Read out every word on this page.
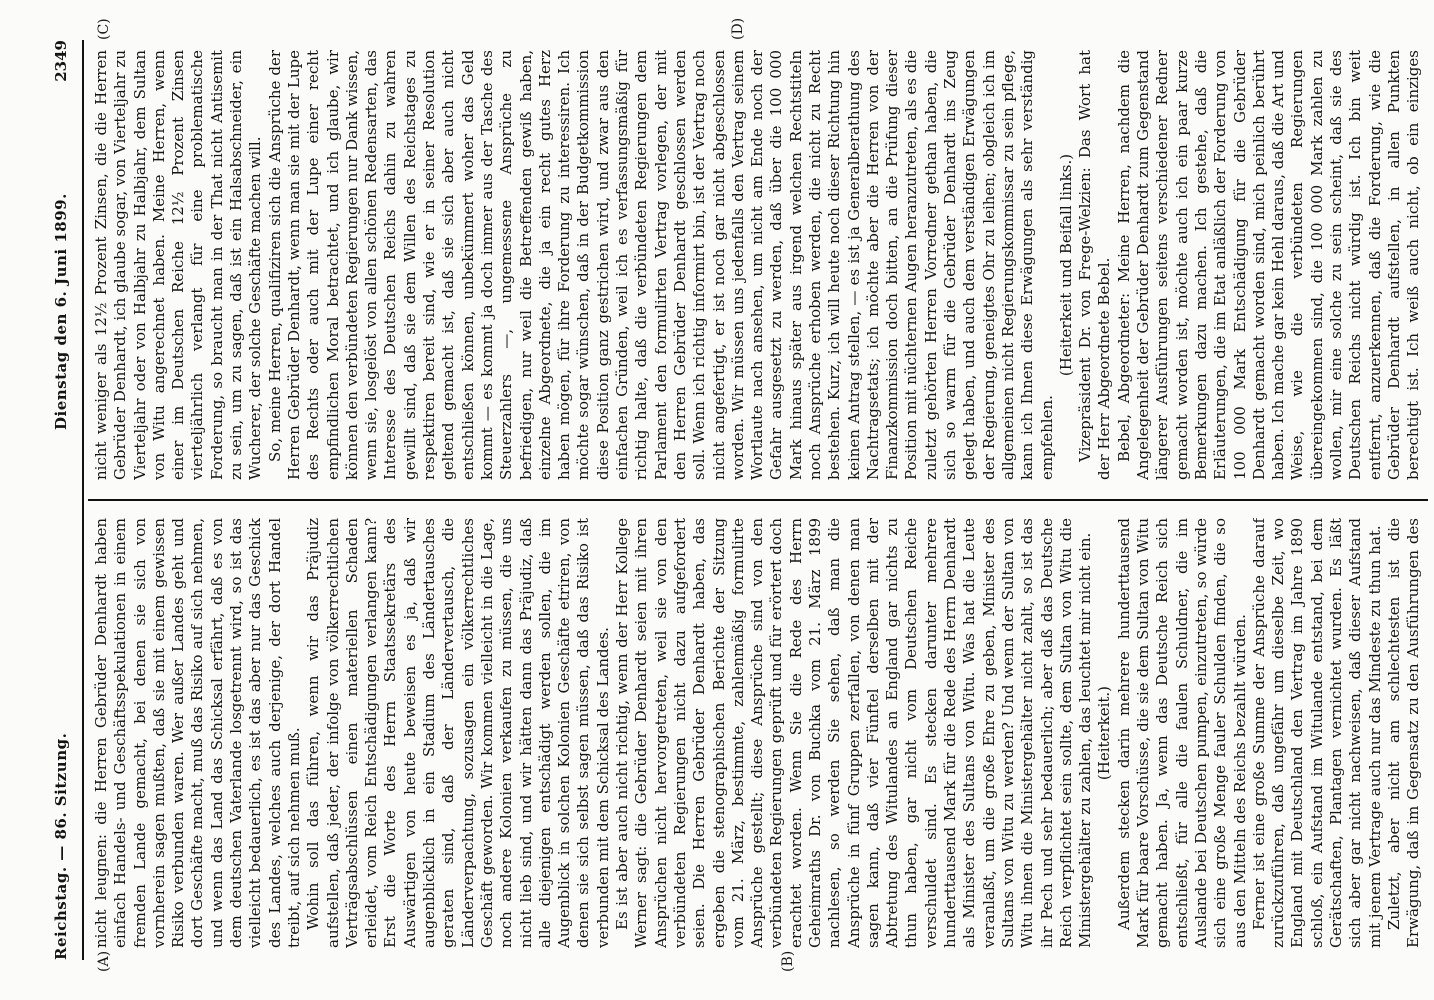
Reichstag. — 86. Sitzung.
Dienstag den 6. Juni 1899.
2349
(A)	(B)
(C)	(D)

nicht leugnen: die Herren Gebrüder Denhardt haben einfach Handels- und Geschäftsspekulationen in einem fremden Lande gemacht, bei denen sie sich von vornherein sagen mußten, daß sie mit einem gewissen Risiko verbunden waren. Wer außer Landes geht und dort Geschäfte macht, muß das Risiko auf sich nehmen, und wenn das Land das Schicksal erfährt, daß es von dem deutschen Vaterlande losgetrennt wird, so ist das vielleicht bedauerlich, es ist das aber nur das Geschick des Landes, welches auch derjenige, der dort Handel treibt, auf sich nehmen muß. Wohin soll das führen, wenn wir das Präjudiz aufstellen, daß jeder, der infolge von völkerrechtlichen Verträgsabschlüssen einen materiellen Schaden erleidet, vom Reich Entschädigungen verlangen kann? Erst die Worte des Herrn Staatssekretärs des Auswärtigen von heute beweisen es ja, daß wir augenblicklich in ein Stadium des Ländertausches geraten sind, daß der Ländervertausch, die Länderverpachtung, sozusagen ein völkerrechtliches Geschäft geworden. Wir kommen vielleicht in die Lage, noch andere Kolonien verkaufen zu müssen, die uns nicht lieb sind, und wir hätten dann das Präjudiz, daß alle diejenigen entschädigt werden sollen, die im Augenblick in solchen Kolonien Geschäfte etriren, von denen sie sich selbst sagen müssen, daß das Risiko ist verbunden mit dem Schicksal des Landes. Es ist aber auch nicht richtig, wenn der Herr Kollege Werner sagt: die Gebrüder Denhardt seien mit ihren Ansprüchen nicht hervorgetreten, weil sie von den verbündeten Regierungen nicht dazu aufgefordert seien. Die Herren Gebrüder Denhardt haben, das ergeben die stenographischen Berichte der Sitzung vom 21. März, bestimmte, zahlenmäßig formulirte Ansprüche gestellt; diese Ansprüche sind von den verbündeten Regierungen geprüft und für erörtert doch erachtet worden. Wenn Sie die Rede des Herrn Geheimraths Dr. von Buchka vom 21. März 1899 nachlesen, so werden Sie sehen, daß man die Ansprüche in fünf Gruppen zerfallen, von denen man sagen kann, daß vier Fünftel derselben mit der Abtretung des Witulandes an England gar nichts zu thun haben, gar nicht vom Deutschen Reiche verschuldet sind. Es stecken darunter mehrere hunderttausend Mark für die Rede des Herrn Denhardt als Minister des Sultans von Witu. Was hat die Leute veranlaßt, um die große Ehre zu geben, Minister des Sultans von Witu zu werden? Und wenn der Sultan von Witu ihnen die Ministergehälter nicht zahlt, so ist das ihr Pech und sehr bedauerlich; aber daß das Deutsche Reich verpflichtet sein sollte, dem Sultan von Witu die Ministergehälter zu zahlen, das leuchtet mir nicht ein. (Heiterkeit.) Außerdem stecken darin mehrere hunderttausend Mark für baare Vorschüsse, die sie dem Sultan von Witu gemacht haben. Ja, wenn das Deutsche Reich sich entschließt, für alle die faulen Schuldner, die im Auslande bei Deutschen pumpen, einzutreten, so würde sich eine große Menge fauler Schulden finden, die so aus den Mitteln des Reichs bezahlt würden. Ferner ist eine große Summe der Ansprüche darauf zurückzuführen, daß ungefähr um dieselbe Zeit, wo England mit Deutschland den Vertrag im Jahre 1890 schloß, ein Aufstand im Witulande entstand, bei dem Gerätschaften, Plantagen vernichtet wurden. Es läßt sich aber gar nicht nachweisen, daß dieser Aufstand mit jenem Vertrage auch nur das Mindeste zu thun hat. Zuletzt, aber nicht am schlechtesten ist die Erwägung, daß im Gegensatz zu den Ausführungen des

nicht weniger als 12½ Prozent Zinsen, die die Herren Gebrüder Denhardt, ich glaube sogar, von Vierteljahr zu Vierteljahr oder von Halbjahr zu Halbjahr, dem Sultan von Witu angerechnet haben. Meine Herren, wenn einer im Deutschen Reiche 12½ Prozent Zinsen vierteljährlich verlangt für eine problematische Forderung, so braucht man in der That nicht Antisemit zu sein, um zu sagen, daß ist ein Halsabschneider, ein Wucherer, der solche Geschäfte machen will. So, meine Herren, qualifiziren sich die Ansprüche der Herren Gebrüder Denhardt, wenn man sie mit der Lupe des Rechts oder auch mit der Lupe einer recht empfindlichen Moral betrachtet, und ich glaube, wir können den verbündeten Regierungen nur Dank wissen, wenn sie, losgelöst von allen schönen Redensarten, das Interesse des Deutschen Reichs dahin zu wahren gewillt sind, daß sie dem Willen des Reichstages zu respektiren bereit sind, wie er in seiner Resolution geltend gemacht ist, daß sie sich aber auch nicht entschließen können, unbekümmert woher das Geld kommt — es kommt ja doch immer aus der Tasche des Steuerzahlers —, ungemessene Ansprüche zu befriedigen, nur weil die Betreffenden gewiß haben, einzelne Abgeordnete, die ja ein recht gutes Herz haben mögen, für ihre Forderung zu interessiren. Ich möchte sogar wünschen, daß in der Budgetkommission diese Position ganz gestrichen wird, und zwar aus den einfachen Gründen, weil ich es verfassungsmäßig für richtig halte, daß die verbündeten Regierungen dem Parlament den formulirten Vertrag vorlegen, der mit den Herren Gebrüder Denhardt geschlossen werden soll. Wenn ich richtig informirt bin, ist der Vertrag noch nicht angefertigt, er ist noch gar nicht abgeschlossen worden. Wir müssen uns jedenfalls den Vertrag seinem Wortlaute nach ansehen, um nicht am Ende noch der Gefahr ausgesetzt zu werden, daß über die 100 000 Mark hinaus später aus irgend welchen Rechtstiteln noch Ansprüche erhoben werden, die nicht zu Recht bestehen. Kurz, ich will heute noch dieser Richtung hin keinen Antrag stellen, — es ist ja Generalberathung des Nachtragsetats; ich möchte aber die Herren von der Finanzkommission doch bitten, an die Prüfung dieser Position mit nüchternen Augen heranzutreten, als es die zuletzt gehörten Herren Vorredner gethan haben, die sich so warm für die Gebrüder Denhardt ins Zeug gelegt haben, und auch dem verständigen Erwägungen der Regierung, geneigtes Ohr zu leihen; obgleich ich im allgemeinen nicht Regierungskommissar zu sein pflege, kann ich Ihnen diese Erwägungen als sehr verständig empfehlen.

(Heiterkeit und Beifall links.) Vizepräsident Dr. von Frege-Welzien: Das Wort hat der Herr Abgeordnete Bebel. Bebel, Abgeordneter: Meine Herren, nachdem die Angelegenheit der Gebrüder Denhardt zum Gegenstand längerer Ausführungen seitens verschiedener Redner gemacht worden ist, möchte auch ich ein paar kurze Bemerkungen dazu machen. Ich gestehe, daß die Erläuterungen, die im Etat anläßlich der Forderung von 100 000 Mark Entschädigung für die Gebrüder Denhardt gemacht worden sind, mich peinlich berührt haben. Ich mache gar kein Hehl daraus, daß die Art und Weise, wie die verbündeten Regierungen übereingekommen sind, die 100 000 Mark zahlen zu wollen, mir eine solche zu sein scheint, daß sie des Deutschen Reichs nicht würdig ist. Ich bin weit entfernt, anzuerkennen, daß die Forderung, wie die Gebrüder Denhardt aufstellen, in allen Punkten berechtigt ist. Ich weiß auch nicht, ob ein einziges
